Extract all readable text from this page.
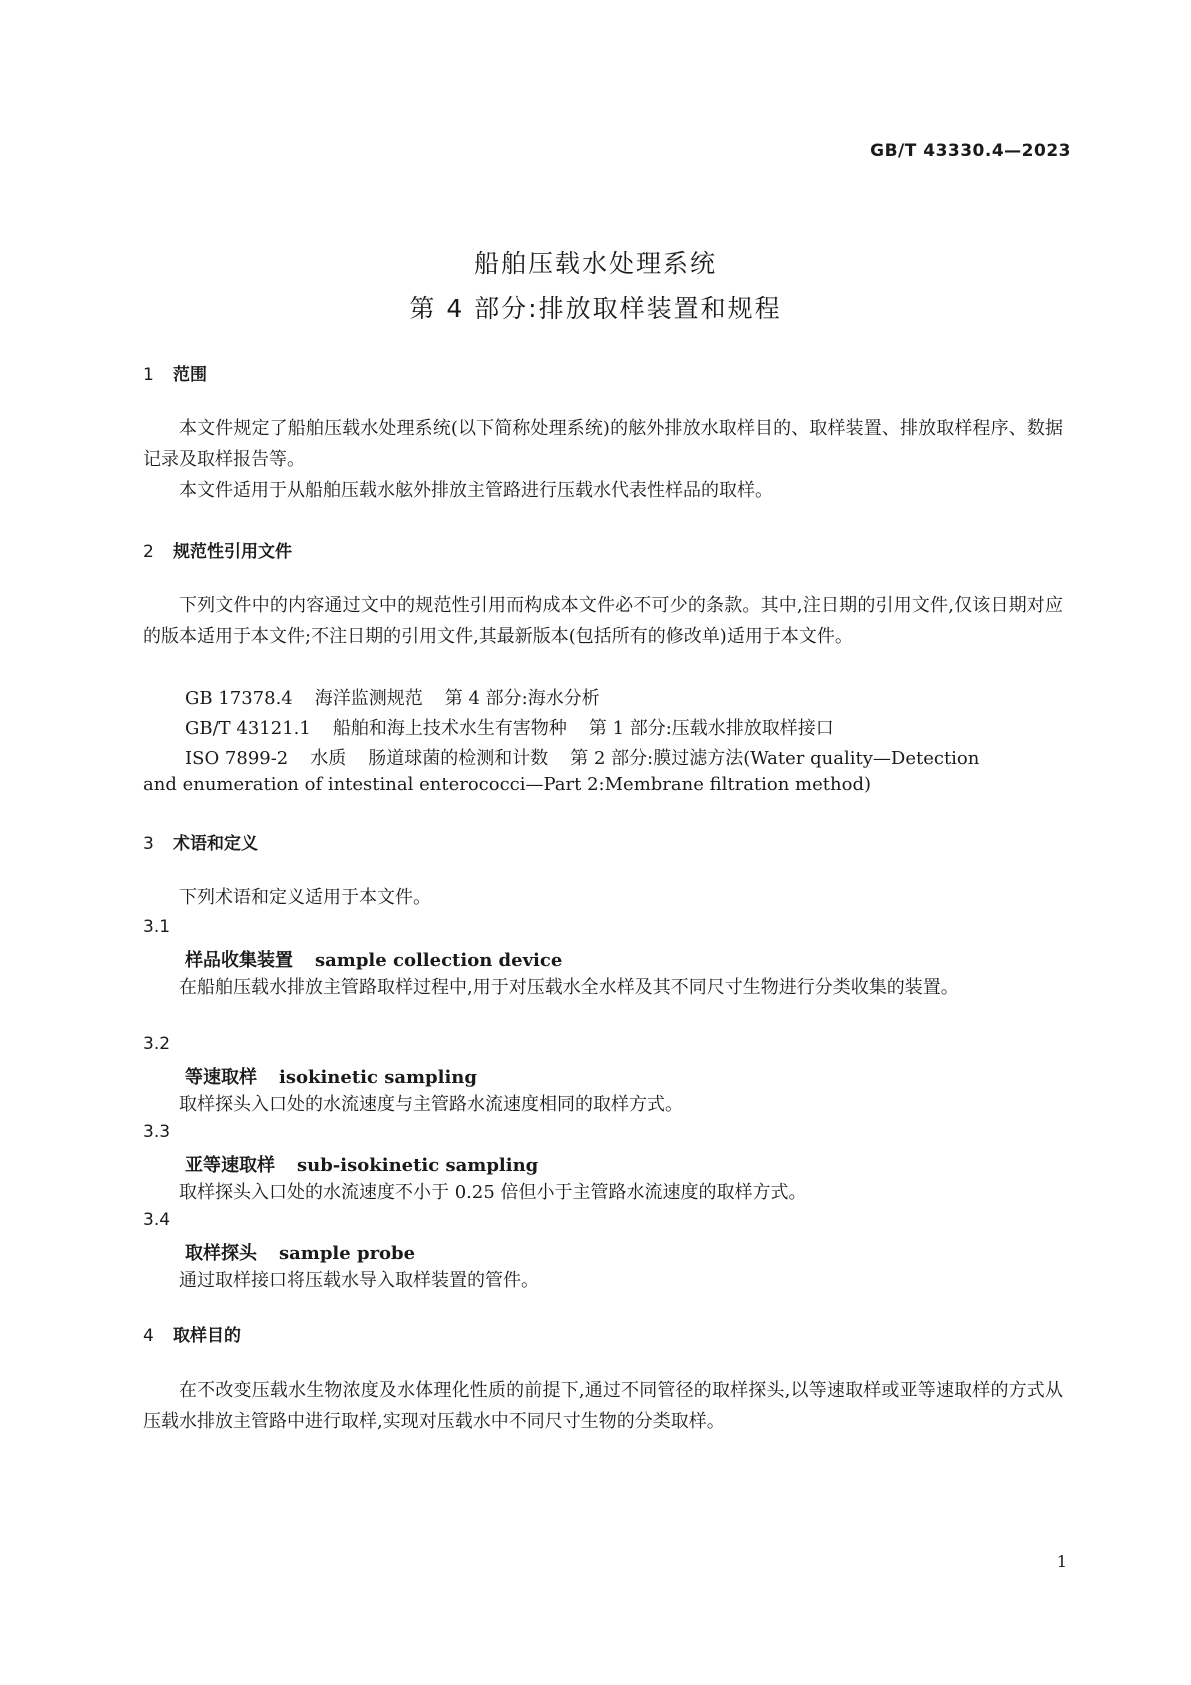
GB/T 43330.4—2023
船舶压载水处理系统
第 4 部分:排放取样装置和规程
1 范围
本文件规定了船舶压载水处理系统(以下简称处理系统)的舷外排放水取样目的、取样装置、排放取样程序、数据记录及取样报告等。
本文件适用于从船舶压载水舷外排放主管路进行压载水代表性样品的取样。
2 规范性引用文件
下列文件中的内容通过文中的规范性引用而构成本文件必不可少的条款。其中,注日期的引用文件,仅该日期对应的版本适用于本文件;不注日期的引用文件,其最新版本(包括所有的修改单)适用于本文件。
GB 17378.4 海洋监测规范 第 4 部分:海水分析
GB/T 43121.1 船舶和海上技术水生有害物种 第 1 部分:压载水排放取样接口
ISO 7899-2 水质 肠道球菌的检测和计数 第 2 部分:膜过滤方法(Water quality—Detection
and enumeration of intestinal enterococci—Part 2:Membrane filtration method)
3 术语和定义
下列术语和定义适用于本文件。
3.1
样品收集装置 sample collection device
在船舶压载水排放主管路取样过程中,用于对压载水全水样及其不同尺寸生物进行分类收集的装置。
3.2
等速取样 isokinetic sampling
取样探头入口处的水流速度与主管路水流速度相同的取样方式。
3.3
亚等速取样 sub-isokinetic sampling
取样探头入口处的水流速度不小于 0.25 倍但小于主管路水流速度的取样方式。
3.4
取样探头 sample probe
通过取样接口将压载水导入取样装置的管件。
4 取样目的
在不改变压载水生物浓度及水体理化性质的前提下,通过不同管径的取样探头,以等速取样或亚等速取样的方式从压载水排放主管路中进行取样,实现对压载水中不同尺寸生物的分类取样。
1
